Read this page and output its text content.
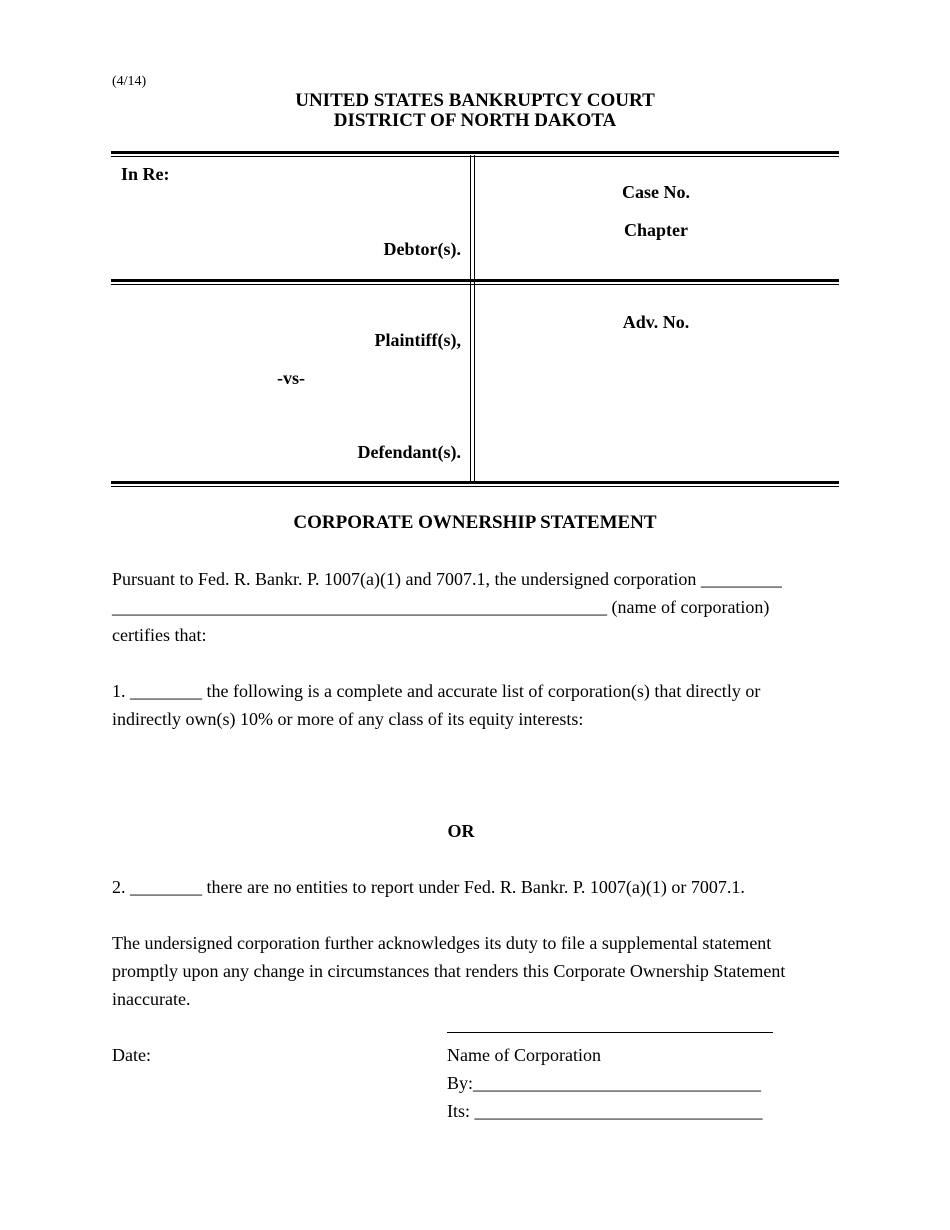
(4/14)
UNITED STATES BANKRUPTCY COURT
DISTRICT OF NORTH DAKOTA
In Re:
Debtor(s).
Case No.
Chapter
Plaintiff(s),
-vs-
Defendant(s).
Adv. No.
CORPORATE OWNERSHIP STATEMENT
Pursuant to Fed. R. Bankr. P. 1007(a)(1) and 7007.1, the undersigned corporation _________
_______________________________________________________ (name of corporation)
certifies that:
1. ________ the following is a complete and accurate list of corporation(s) that directly or
indirectly own(s) 10% or more of any class of its equity interests:
OR
2. ________ there are no entities to report under Fed. R. Bankr. P. 1007(a)(1) or 7007.1.
The undersigned corporation further acknowledges its duty to file a supplemental statement
promptly upon any change in circumstances that renders this Corporate Ownership Statement
inaccurate.
Date:	Name of Corporation
By:________________________________
Its: ________________________________
